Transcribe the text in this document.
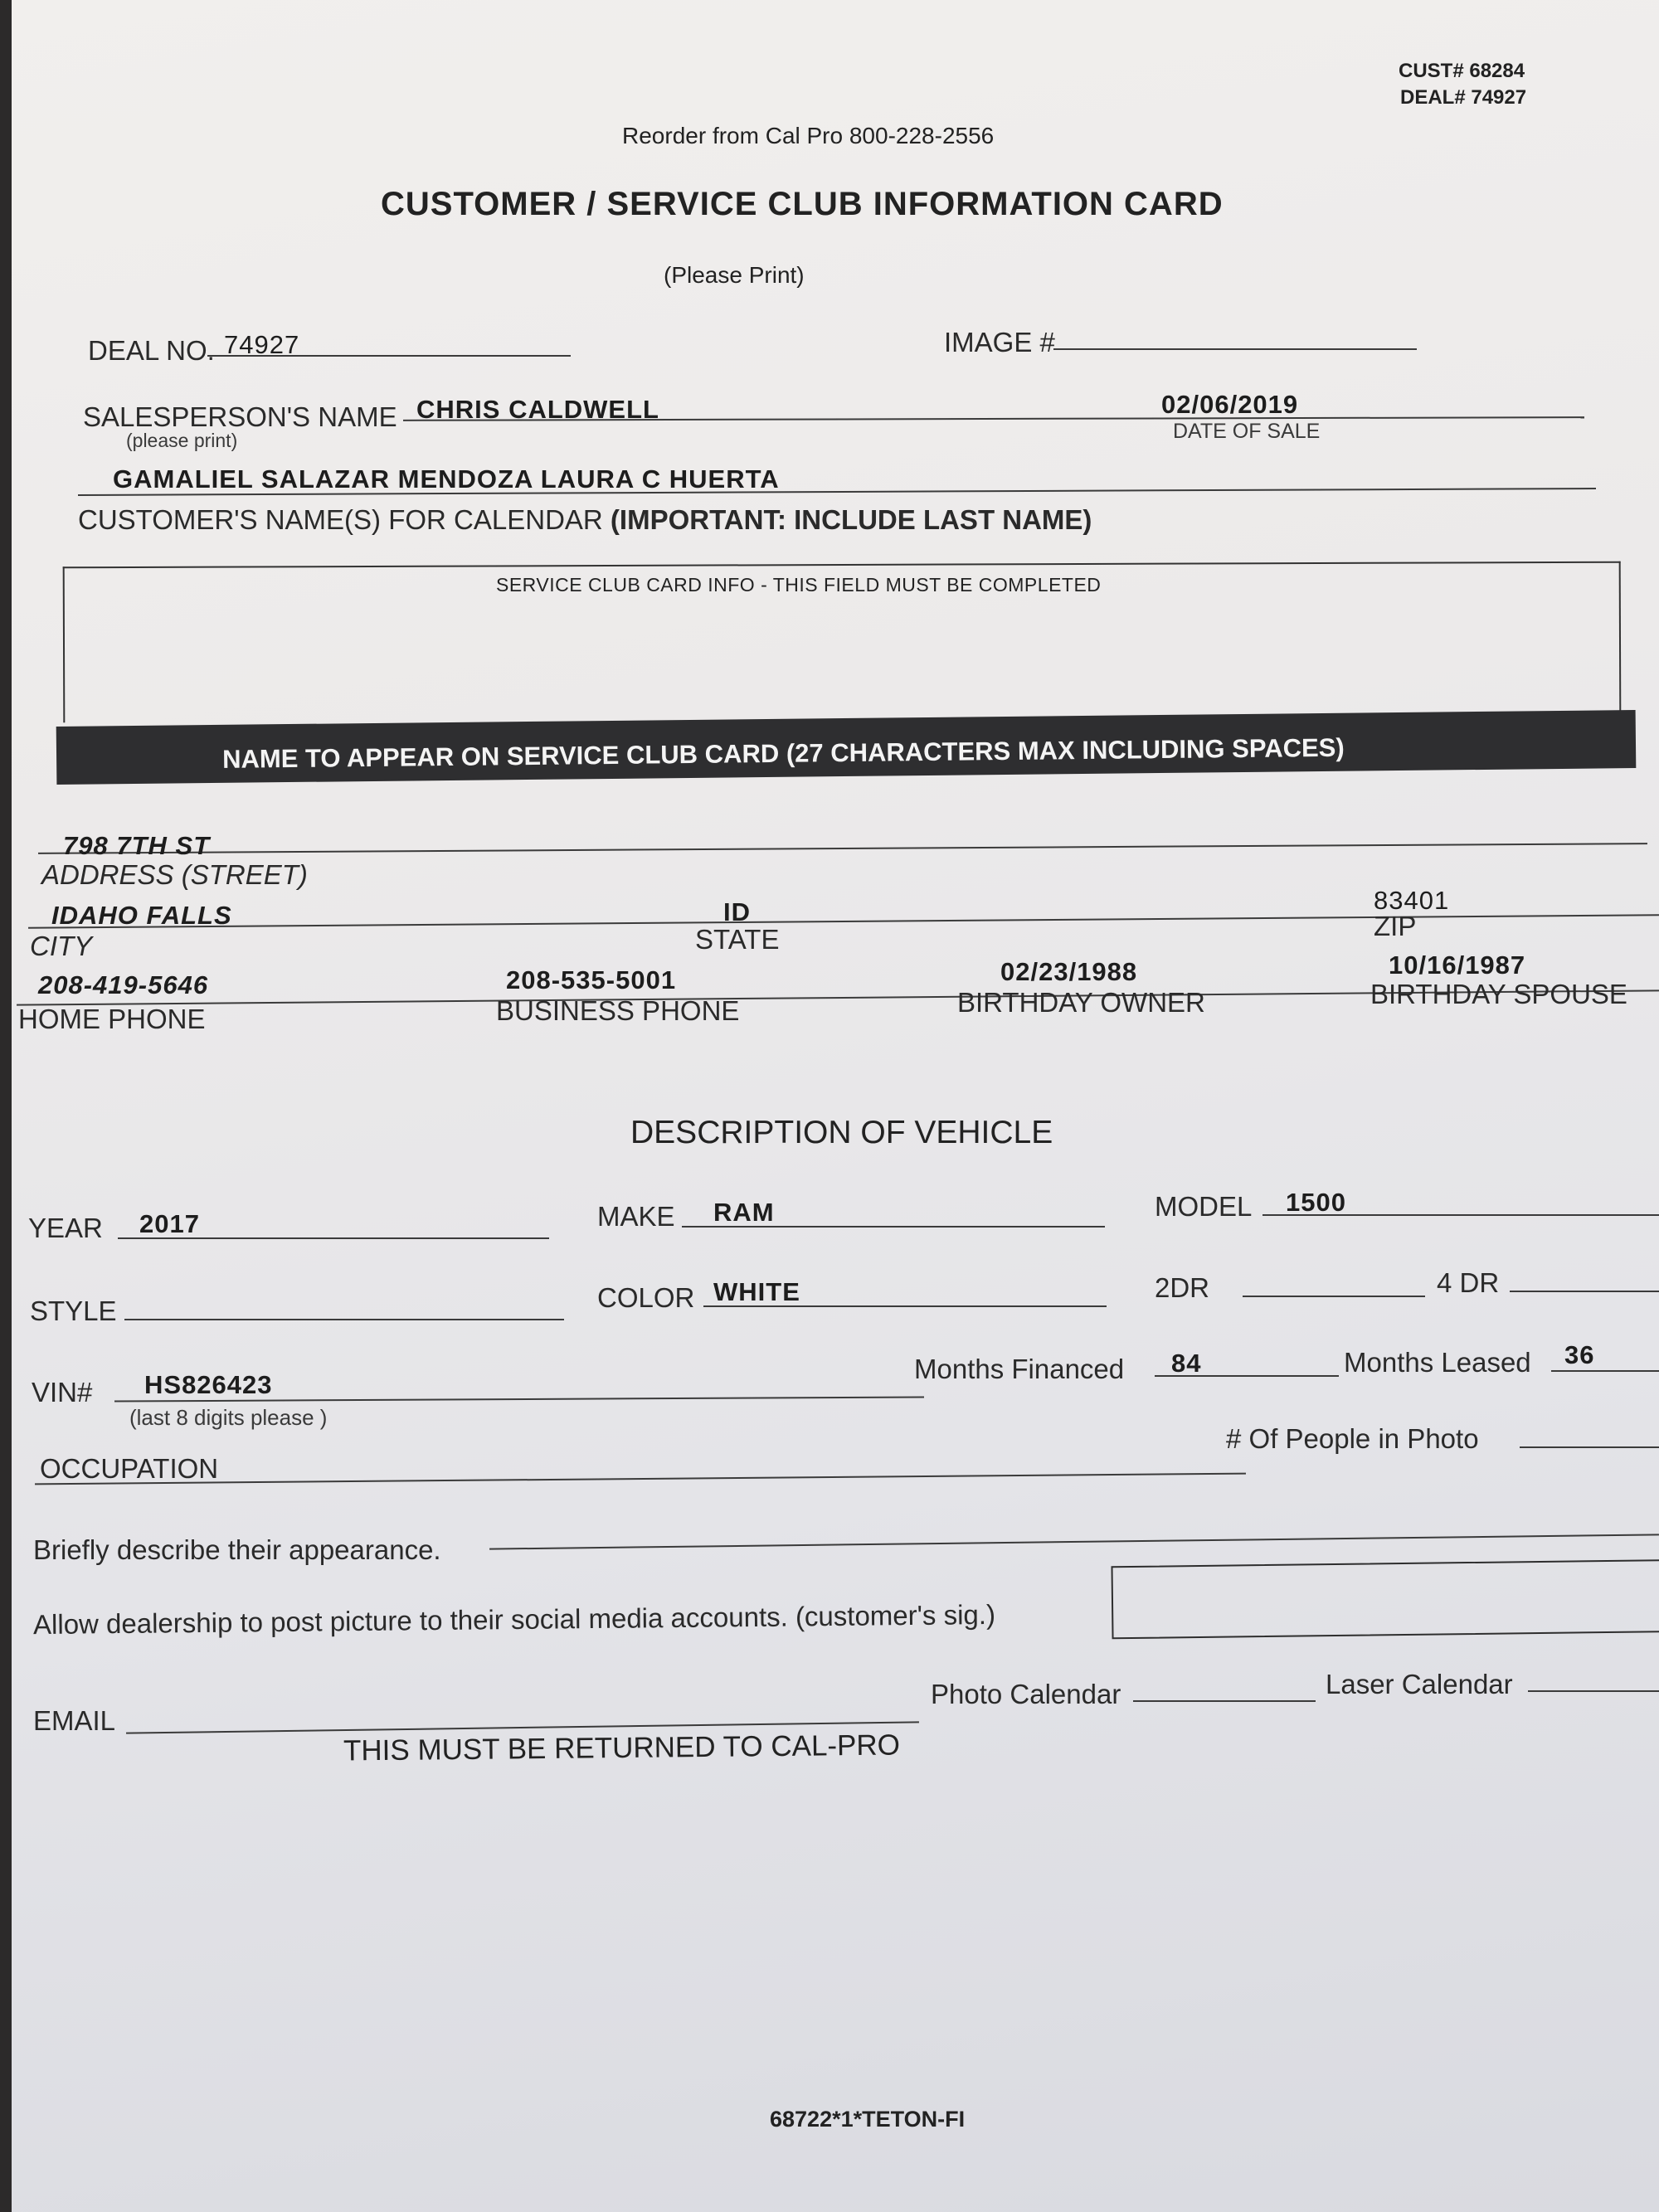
CUST# 68284
DEAL# 74927
Reorder from Cal Pro 800-228-2556
CUSTOMER / SERVICE CLUB INFORMATION CARD
(Please Print)
DEAL NO. 74927	IMAGE #
SALESPERSON'S NAME
(please print)
CHRIS CALDWELL	02/06/2019
DATE OF SALE
GAMALIEL SALAZAR MENDOZA LAURA C HUERTA
CUSTOMER'S NAME(S) FOR CALENDAR (IMPORTANT: INCLUDE LAST NAME)
SERVICE CLUB CARD INFO - THIS FIELD MUST BE COMPLETED
NAME TO APPEAR ON SERVICE CLUB CARD (27 CHARACTERS MAX INCLUDING SPACES)
798 7TH ST
ADDRESS (STREET)
IDAHO FALLS
CITY
ID
STATE
83401
ZIP
208-419-5646
HOME PHONE
208-535-5001
BUSINESS PHONE
02/23/1988
BIRTHDAY OWNER
10/16/1987
BIRTHDAY SPOUSE
DESCRIPTION OF VEHICLE
YEAR 2017	MAKE RAM	MODEL 1500
STYLE	COLOR WHITE	2DR	4 DR
VIN# HS826423
(last 8 digits please )
Months Financed 84	Months Leased 36
OCCUPATION
# Of People in Photo
Briefly describe their appearance.
Allow dealership to post picture to their social media accounts. (customer's sig.)
EMAIL
Photo Calendar	Laser Calendar
THIS MUST BE RETURNED TO CAL-PRO
68722*1*TETON-FI
